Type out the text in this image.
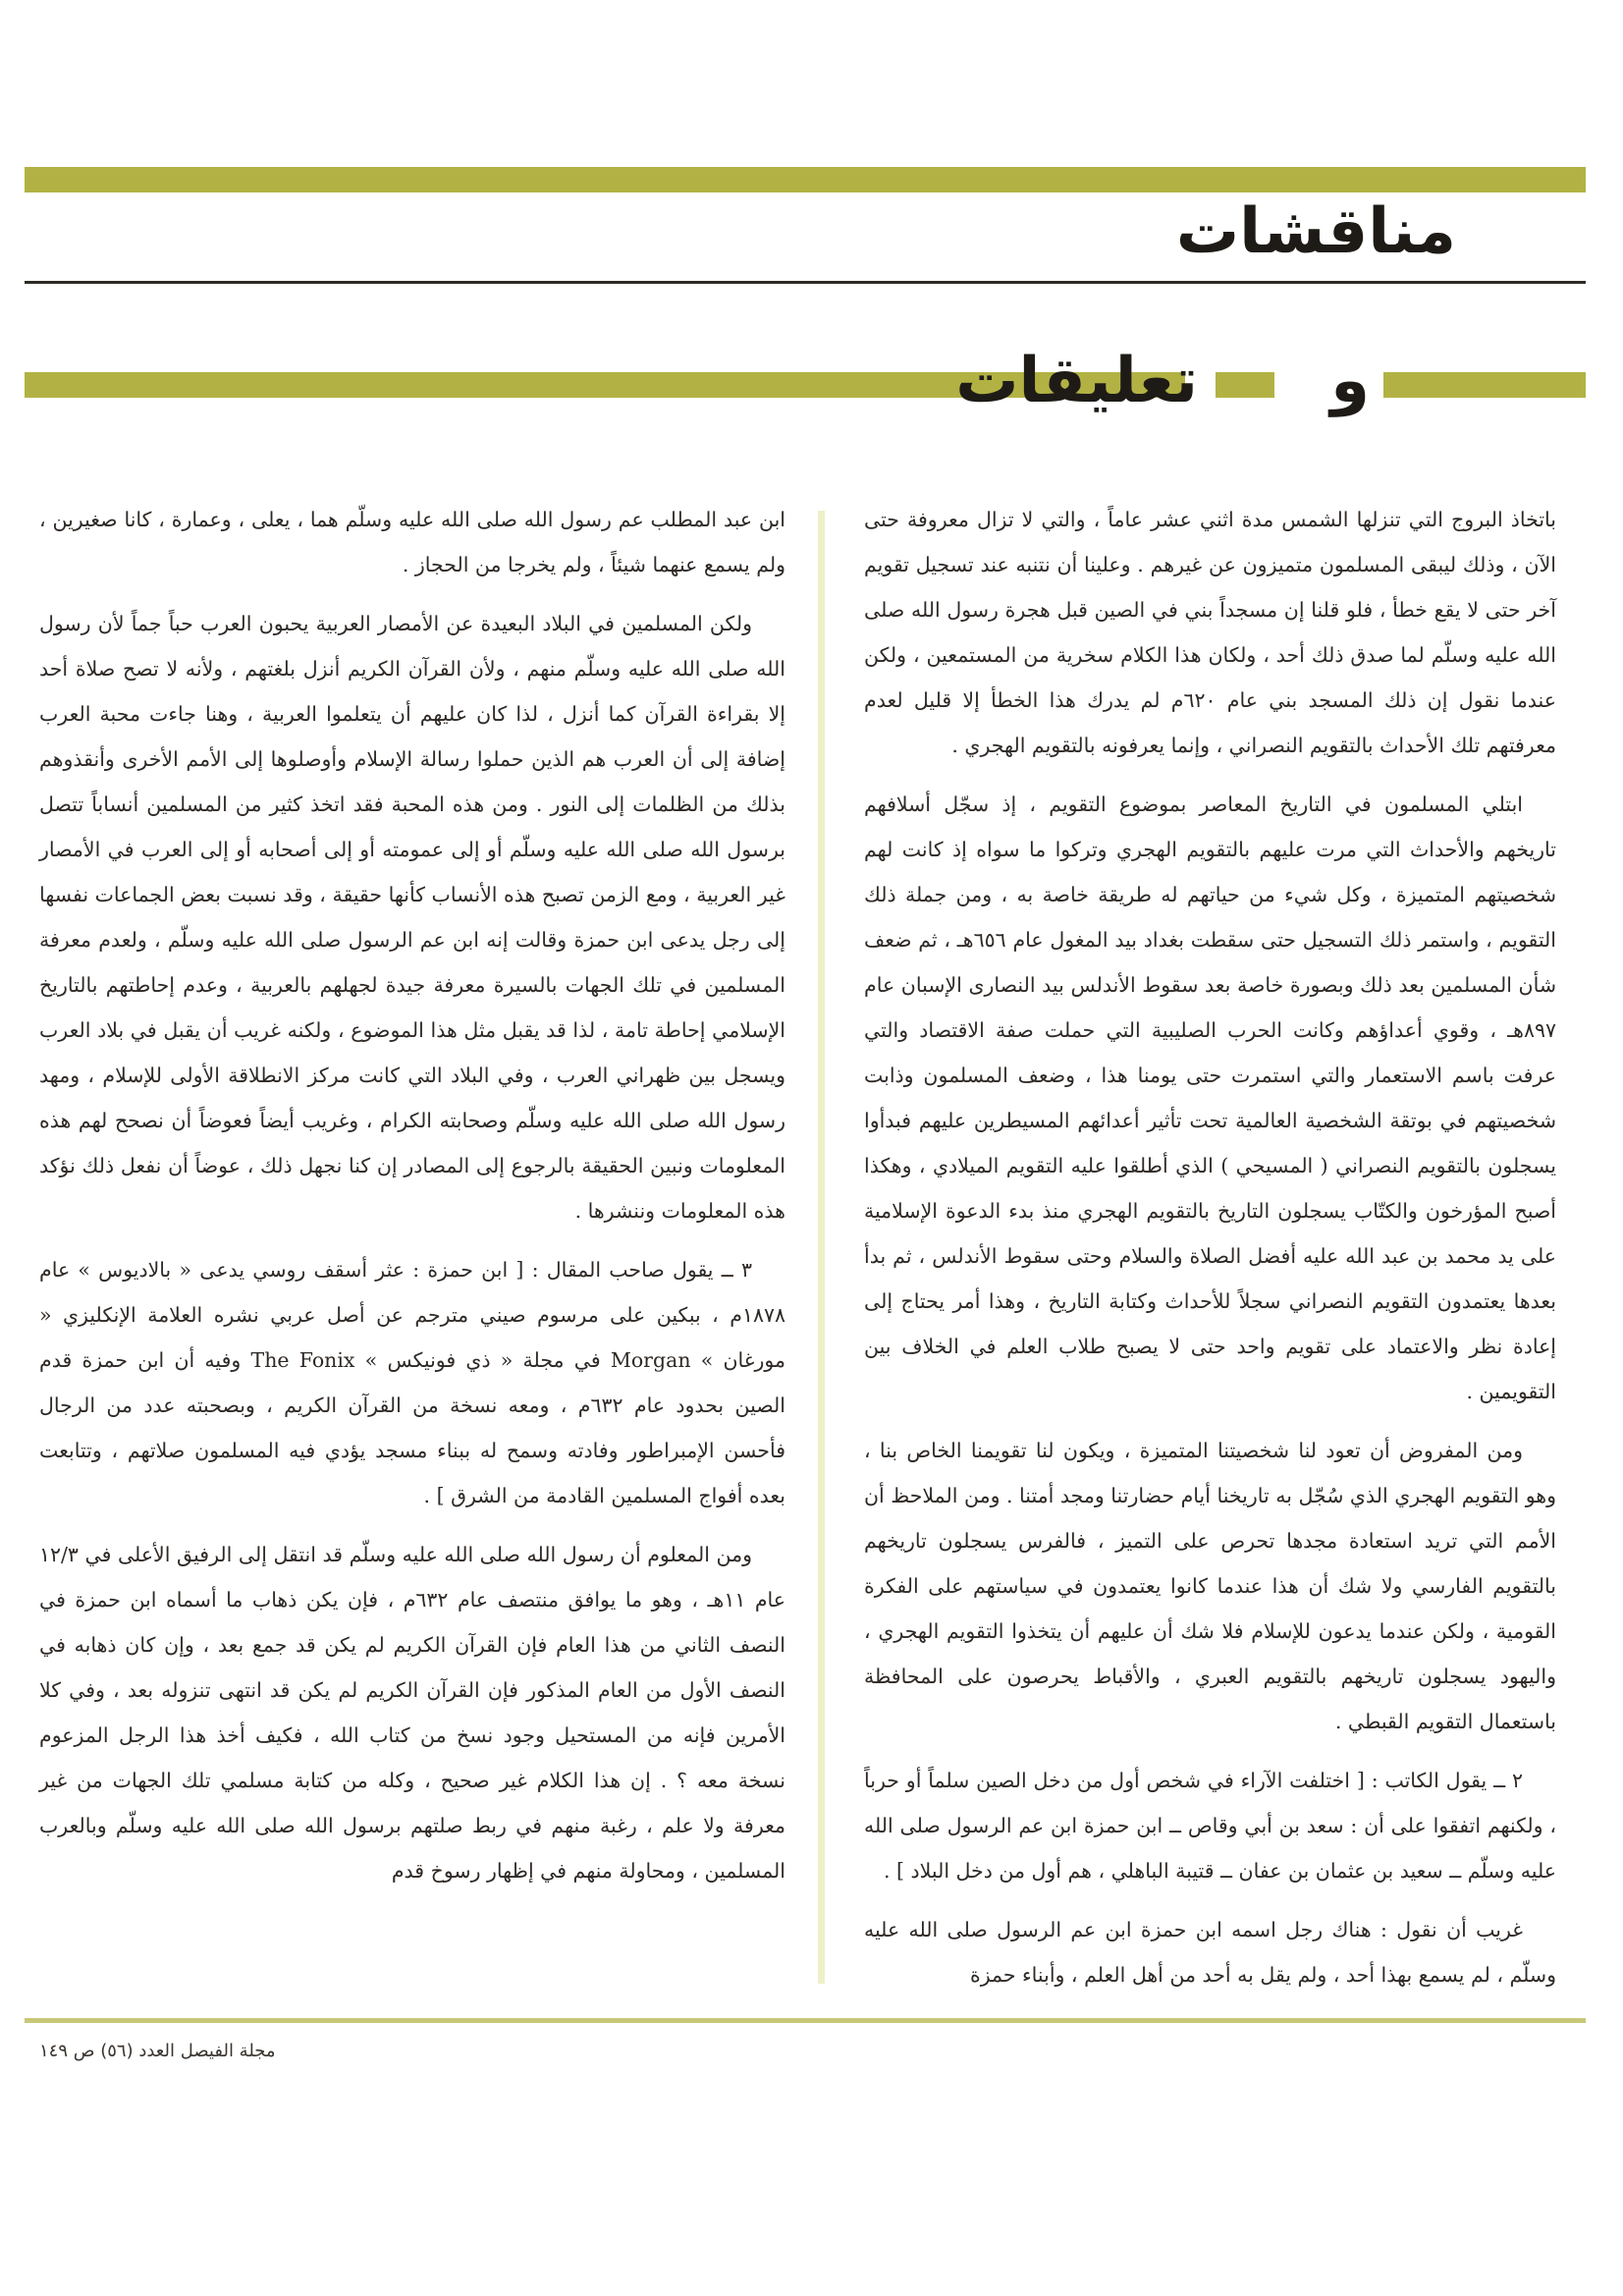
مناقشات
تعليقات و

باتخاذ البروج التي تنزلها الشمس مدة اثني عشر عاماً ، والتي لا تزال معروفة حتى الآن ، وذلك ليبقى المسلمون متميزون عن غيرهم . وعلينا أن نتنبه عند تسجيل تقويم آخر حتى لا يقع خطأ ، فلو قلنا إن مسجداً بني في الصين قبل هجرة رسول الله صلى الله عليه وسلّم لما صدق ذلك أحد ، ولكان هذا الكلام سخرية من المستمعين ، ولكن عندما نقول إن ذلك المسجد بني عام ٦٢٠م لم يدرك هذا الخطأ إلا قليل لعدم معرفتهم تلك الأحداث بالتقويم النصراني ، وإنما يعرفونه بالتقويم الهجري .

ابتلي المسلمون في التاريخ المعاصر بموضوع التقويم ، إذ سجّل أسلافهم تاريخهم والأحداث التي مرت عليهم بالتقويم الهجري وتركوا ما سواه إذ كانت لهم شخصيتهم المتميزة ، وكل شيء من حياتهم له طريقة خاصة به ، ومن جملة ذلك التقويم ، واستمر ذلك التسجيل حتى سقطت بغداد بيد المغول عام ٦٥٦هـ ، ثم ضعف شأن المسلمين بعد ذلك وبصورة خاصة بعد سقوط الأندلس بيد النصارى الإسبان عام ٨٩٧هـ ، وقوي أعداؤهم وكانت الحرب الصليبية التي حملت صفة الاقتصاد والتي عرفت باسم الاستعمار والتي استمرت حتى يومنا هذا ، وضعف المسلمون وذابت شخصيتهم في بوتقة الشخصية العالمية تحت تأثير أعدائهم المسيطرين عليهم فبدأوا يسجلون بالتقويم النصراني ( المسيحي ) الذي أطلقوا عليه التقويم الميلادي ، وهكذا أصبح المؤرخون والكتّاب يسجلون التاريخ بالتقويم الهجري منذ بدء الدعوة الإسلامية على يد محمد بن عبد الله عليه أفضل الصلاة والسلام وحتى سقوط الأندلس ، ثم بدأ بعدها يعتمدون التقويم النصراني سجلاً للأحداث وكتابة التاريخ ، وهذا أمر يحتاج إلى إعادة نظر والاعتماد على تقويم واحد حتى لا يصبح طلاب العلم في الخلاف بين التقويمين .

ومن المفروض أن تعود لنا شخصيتنا المتميزة ، ويكون لنا تقويمنا الخاص بنا ، وهو التقويم الهجري الذي سُجّل به تاريخنا أيام حضارتنا ومجد أمتنا . ومن الملاحظ أن الأمم التي تريد استعادة مجدها تحرص على التميز ، فالفرس يسجلون تاريخهم بالتقويم الفارسي ولا شك أن هذا عندما كانوا يعتمدون في سياستهم على الفكرة القومية ، ولكن عندما يدعون للإسلام فلا شك أن عليهم أن يتخذوا التقويم الهجري ، واليهود يسجلون تاريخهم بالتقويم العبري ، والأقباط يحرصون على المحافظة باستعمال التقويم القبطي .

٢ ــ يقول الكاتب : [ اختلفت الآراء في شخص أول من دخل الصين سلماً أو حرباً ، ولكنهم اتفقوا على أن : سعد بن أبي وقاص ــ ابن حمزة ابن عم الرسول صلى الله عليه وسلّم ــ سعيد بن عثمان بن عفان ــ قتيبة الباهلي ، هم أول من دخل البلاد ] .

غريب أن نقول : هناك رجل اسمه ابن حمزة ابن عم الرسول صلى الله عليه وسلّم ، لم يسمع بهذا أحد ، ولم يقل به أحد من أهل العلم ، وأبناء حمزة

ابن عبد المطلب عم رسول الله صلى الله عليه وسلّم هما ، يعلى ، وعمارة ، كانا صغيرين ، ولم يسمع عنهما شيئاً ، ولم يخرجا من الحجاز .

ولكن المسلمين في البلاد البعيدة عن الأمصار العربية يحبون العرب حباً جماً لأن رسول الله صلى الله عليه وسلّم منهم ، ولأن القرآن الكريم أنزل بلغتهم ، ولأنه لا تصح صلاة أحد إلا بقراءة القرآن كما أنزل ، لذا كان عليهم أن يتعلموا العربية ، وهنا جاءت محبة العرب إضافة إلى أن العرب هم الذين حملوا رسالة الإسلام وأوصلوها إلى الأمم الأخرى وأنقذوهم بذلك من الظلمات إلى النور . ومن هذه المحبة فقد اتخذ كثير من المسلمين أنساباً تتصل برسول الله صلى الله عليه وسلّم أو إلى عمومته أو إلى أصحابه أو إلى العرب في الأمصار غير العربية ، ومع الزمن تصبح هذه الأنساب كأنها حقيقة ، وقد نسبت بعض الجماعات نفسها إلى رجل يدعى ابن حمزة وقالت إنه ابن عم الرسول صلى الله عليه وسلّم ، ولعدم معرفة المسلمين في تلك الجهات بالسيرة معرفة جيدة لجهلهم بالعربية ، وعدم إحاطتهم بالتاريخ الإسلامي إحاطة تامة ، لذا قد يقبل مثل هذا الموضوع ، ولكنه غريب أن يقبل في بلاد العرب ويسجل بين ظهراني العرب ، وفي البلاد التي كانت مركز الانطلاقة الأولى للإسلام ، ومهد رسول الله صلى الله عليه وسلّم وصحابته الكرام ، وغريب أيضاً فعوضاً أن نصحح لهم هذه المعلومات ونبين الحقيقة بالرجوع إلى المصادر إن كنا نجهل ذلك ، عوضاً أن نفعل ذلك نؤكد هذه المعلومات وننشرها .

٣ ــ يقول صاحب المقال : [ ابن حمزة : عثر أسقف روسي يدعى « بالاديوس » عام ١٨٧٨م ، ببكين على مرسوم صيني مترجم عن أصل عربي نشره العلامة الإنكليزي « مورغان » Morgan في مجلة « ذي فونيكس » The Fonix وفيه أن ابن حمزة قدم الصين بحدود عام ٦٣٢م ، ومعه نسخة من القرآن الكريم ، وبصحبته عدد من الرجال فأحسن الإمبراطور وفادته وسمح له ببناء مسجد يؤدي فيه المسلمون صلاتهم ، وتتابعت بعده أفواج المسلمين القادمة من الشرق ] .

ومن المعلوم أن رسول الله صلى الله عليه وسلّم قد انتقل إلى الرفيق الأعلى في ١٢/٣ عام ١١هـ ، وهو ما يوافق منتصف عام ٦٣٢م ، فإن يكن ذهاب ما أسماه ابن حمزة في النصف الثاني من هذا العام فإن القرآن الكريم لم يكن قد جمع بعد ، وإن كان ذهابه في النصف الأول من العام المذكور فإن القرآن الكريم لم يكن قد انتهى تنزوله بعد ، وفي كلا الأمرين فإنه من المستحيل وجود نسخ من كتاب الله ، فكيف أخذ هذا الرجل المزعوم نسخة معه ؟ . إن هذا الكلام غير صحيح ، وكله من كتابة مسلمي تلك الجهات من غير معرفة ولا علم ، رغبة منهم في ربط صلتهم برسول الله صلى الله عليه وسلّم وبالعرب المسلمين ، ومحاولة منهم في إظهار رسوخ قدم

مجلة الفيصل العدد (٥٦) ص ١٤٩
